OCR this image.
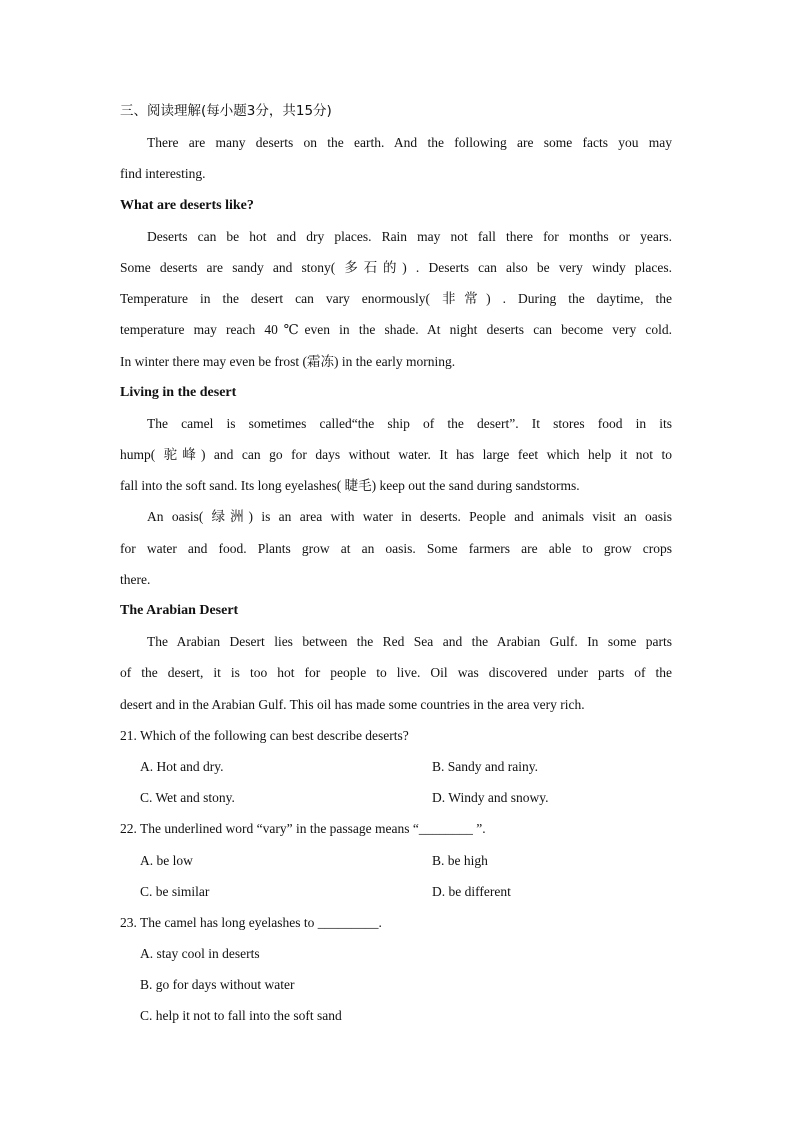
三、阅读理解(每小题3分，共15分)
There are many deserts on the earth. And the following are some facts you may
find interesting.
What are deserts like?
Deserts can be hot and dry places. Rain may not fall there for months or years.
Some deserts are sandy and stony( 多石的) . Deserts can also be very windy places.
Temperature in the desert can vary enormously( 非常) . During the daytime, the
temperature may reach 40℃even in the shade. At night deserts can become very cold.
In winter there may even be frost (霜冻) in the early morning.
Living in the desert
The camel is sometimes called“the ship of the desert”. It stores food in its
hump( 驼峰) and can go for days without water. It has large feet which help it not to
fall into the soft sand. Its long eyelashes( 睫毛) keep out the sand during sandstorms.
An oasis( 绿洲) is an area with water in deserts. People and animals visit an oasis
for water and food. Plants grow at an oasis. Some farmers are able to grow crops
there.
The Arabian Desert
The Arabian Desert lies between the Red Sea and the Arabian Gulf. In some parts
of the desert, it is too hot for people to live. Oil was discovered under parts of the
desert and in the Arabian Gulf. This oil has made some countries in the area very rich.
21. Which of the following can best describe deserts?
A. Hot and dry.	B. Sandy and rainy.
C. Wet and stony.	D. Windy and snowy.
22. The underlined word “vary” in the passage means “________ ”.
A. be low	B. be high
C. be similar	D. be different
23. The camel has long eyelashes to _________.
A. stay cool in deserts
B. go for days without water
C. help it not to fall into the soft sand
